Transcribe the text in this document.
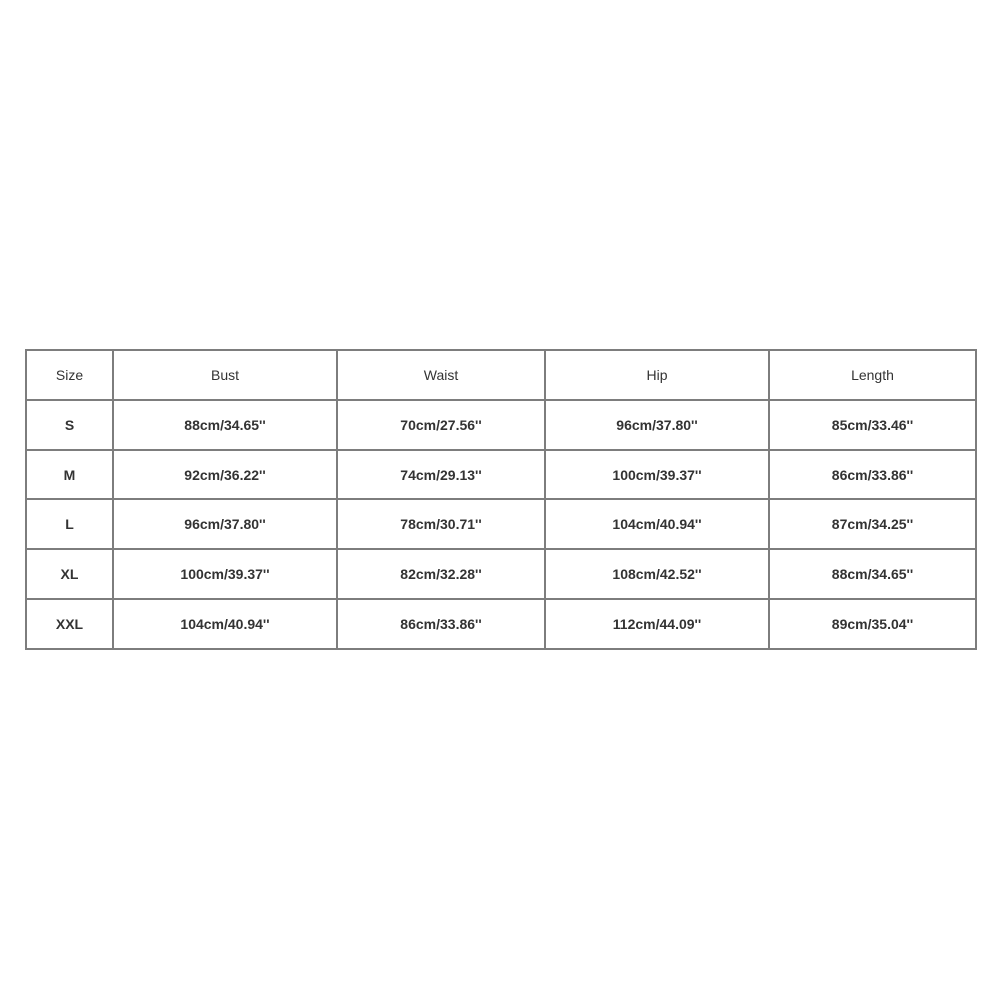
Size	Bust	Waist	Hip	Length
S	88cm/34.65''	70cm/27.56''	96cm/37.80''	85cm/33.46''
M	92cm/36.22''	74cm/29.13''	100cm/39.37''	86cm/33.86''
L	96cm/37.80''	78cm/30.71''	104cm/40.94''	87cm/34.25''
XL	100cm/39.37''	82cm/32.28''	108cm/42.52''	88cm/34.65''
XXL	104cm/40.94''	86cm/33.86''	112cm/44.09''	89cm/35.04''
